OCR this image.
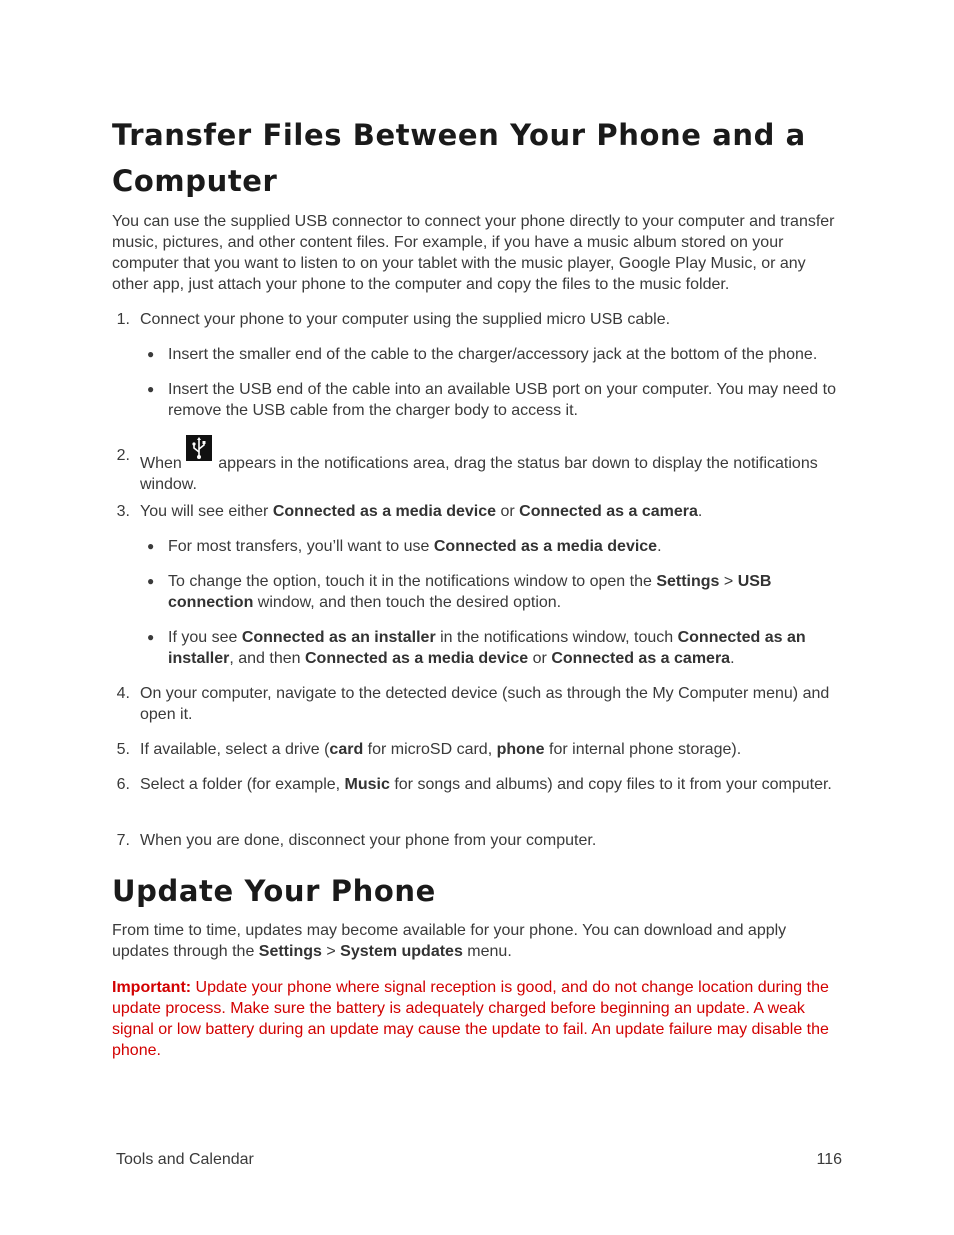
Transfer Files Between Your Phone and a Computer

You can use the supplied USB connector to connect your phone directly to your computer and transfer music, pictures, and other content files. For example, if you have a music album stored on your computer that you want to listen to on your tablet with the music player, Google Play Music, or any other app, just attach your phone to the computer and copy the files to the music folder.

1. Connect your phone to your computer using the supplied micro USB cable.
● Insert the smaller end of the cable to the charger/accessory jack at the bottom of the phone.
● Insert the USB end of the cable into an available USB port on your computer. You may need to remove the USB cable from the charger body to access it.
2. When appears in the notifications area, drag the status bar down to display the notifications window.
3. You will see either Connected as a media device or Connected as a camera.
● For most transfers, you’ll want to use Connected as a media device.
● To change the option, touch it in the notifications window to open the Settings > USB connection window, and then touch the desired option.
● If you see Connected as an installer in the notifications window, touch Connected as an installer, and then Connected as a media device or Connected as a camera.
4. On your computer, navigate to the detected device (such as through the My Computer menu) and open it.
5. If available, select a drive (card for microSD card, phone for internal phone storage).
6. Select a folder (for example, Music for songs and albums) and copy files to it from your computer.
7. When you are done, disconnect your phone from your computer.
Update Your Phone

From time to time, updates may become available for your phone. You can download and apply updates through the Settings > System updates menu.

Important: Update your phone where signal reception is good, and do not change location during the update process. Make sure the battery is adequately charged before beginning an update. A weak signal or low battery during an update may cause the update to fail. An update failure may disable the phone.

Tools and Calendar	116
